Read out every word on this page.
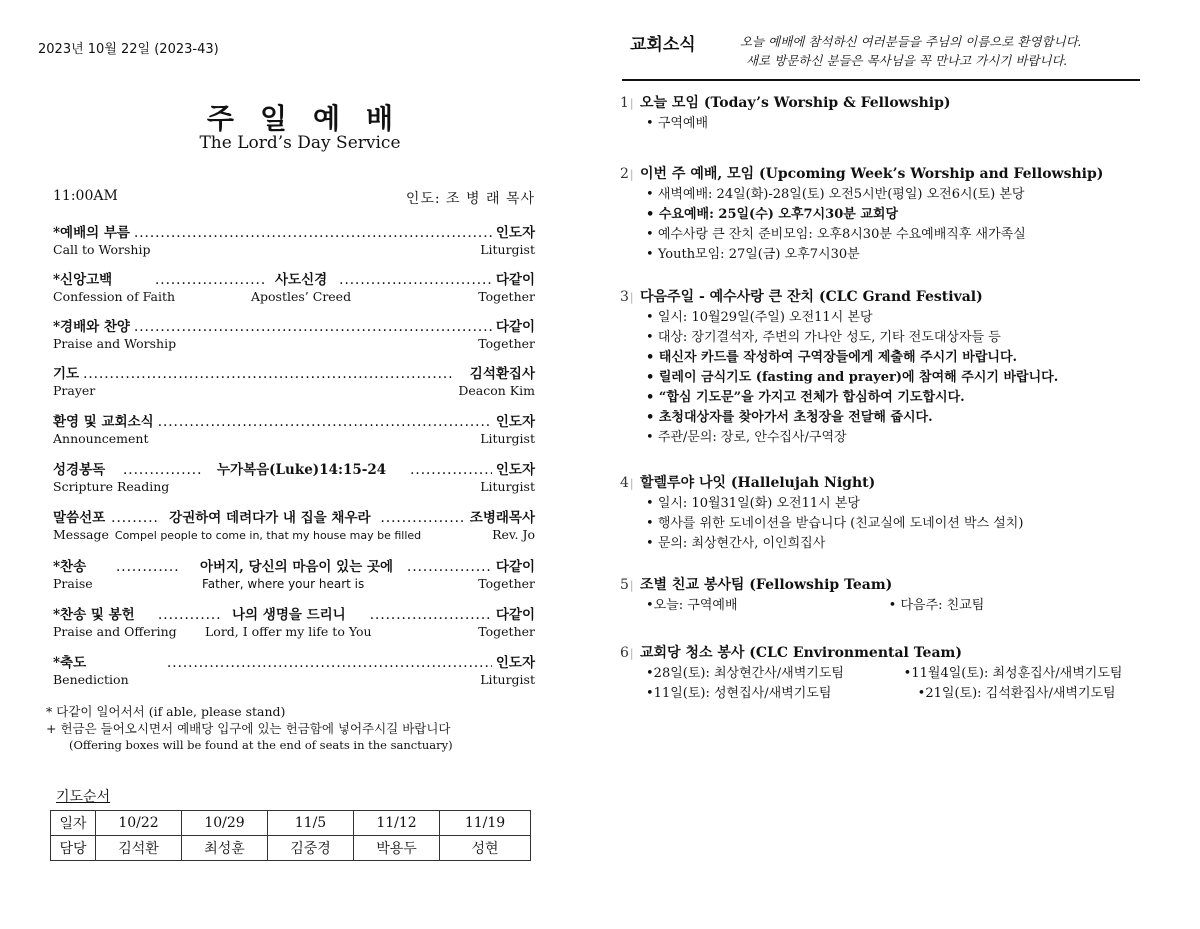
2023년 10월 22일 (2023-43)
주일예배
The Lord’s Day Service
11:00AM	인도: 조 병 래 목사
*예배의 부름 .....	인도자
Call to Worship	Liturgist
*신앙고백 .....	사도신경 .....	다같이
Confession of Faith	Apostles’ Creed	Together
*경배와 찬양 .....	다같이
Praise and Worship	Together
기도 .....	김석환집사
Prayer	Deacon Kim
환영 및 교회소식 .....	인도자
Announcement	Liturgist
성경봉독 .....	누가복음(Luke)14:15-24 .....	인도자
Scripture Reading	Liturgist
말씀선포 .....	강권하여 데려다가 내 집을 채우라 .....	조병래목사
Message Compel people to come in, that my house may be filled	Rev. Jo
*찬송 .....	아버지, 당신의 마음이 있는 곳에 .....	다같이
Praise	Father, where your heart is	Together
*찬송 및 봉헌 .....	나의 생명을 드리니 .....	다같이
Praise and Offering	Lord, I offer my life to You	Together
*축도 .....	인도자
Benediction	Liturgist
* 다같이 일어서서 (if able, please stand)
+ 헌금은 들어오시면서 예배당 입구에 있는 헌금함에 넣어주시길 바랍니다
(Offering boxes will be found at the end of seats in the sanctuary)
기도순서
일자	10/22	10/29	11/5	11/12	11/19
담당	김석환	최성훈	김중경	박용두	성현
교회소식	오늘 예배에 참석하신 여러분들을 주님의 이름으로 환영합니다.
새로 방문하신 분들은 목사님을 꼭 만나고 가시기 바랍니다.
1 | 오늘 모임 (Today’s Worship & Fellowship)
• 구역예배
2 | 이번 주 예배, 모임 (Upcoming Week’s Worship and Fellowship)
• 새벽예배: 24일(화)-28일(토) 오전5시반(평일) 오전6시(토) 본당
• 수요예배: 25일(수) 오후7시30분 교회당
• 예수사랑 큰 잔치 준비모임: 오후8시30분 수요예배직후 새가족실
• Youth모임: 27일(금) 오후7시30분
3 | 다음주일 - 예수사랑 큰 잔치 (CLC Grand Festival)
• 일시: 10월29일(주일) 오전11시 본당
• 대상: 장기결석자, 주변의 가나안 성도, 기타 전도대상자들 등
• 태신자 카드를 작성하여 구역장들에게 제출해 주시기 바랍니다.
• 릴레이 금식기도 (fasting and prayer)에 참여해 주시기 바랍니다.
• “합심 기도문”을 가지고 전체가 합심하여 기도합시다.
• 초청대상자를 찾아가서 초청장을 전달해 줍시다.
• 주관/문의: 장로, 안수집사/구역장
4 | 할렐루야 나잇 (Hallelujah Night)
• 일시: 10월31일(화) 오전11시 본당
• 행사를 위한 도네이션을 받습니다 (친교실에 도네이션 박스 설치)
• 문의: 최상현간사, 이인희집사
5 | 조별 친교 봉사팀 (Fellowship Team)
• 오늘: 구역예배	• 다음주: 친교팀
6 | 교회당 청소 봉사 (CLC Environmental Team)
• 28일(토): 최상현간사/새벽기도팀	•11월4일(토): 최성훈집사/새벽기도팀
• 11일(토): 성현집사/새벽기도팀	•21일(토): 김석환집사/새벽기도팀
